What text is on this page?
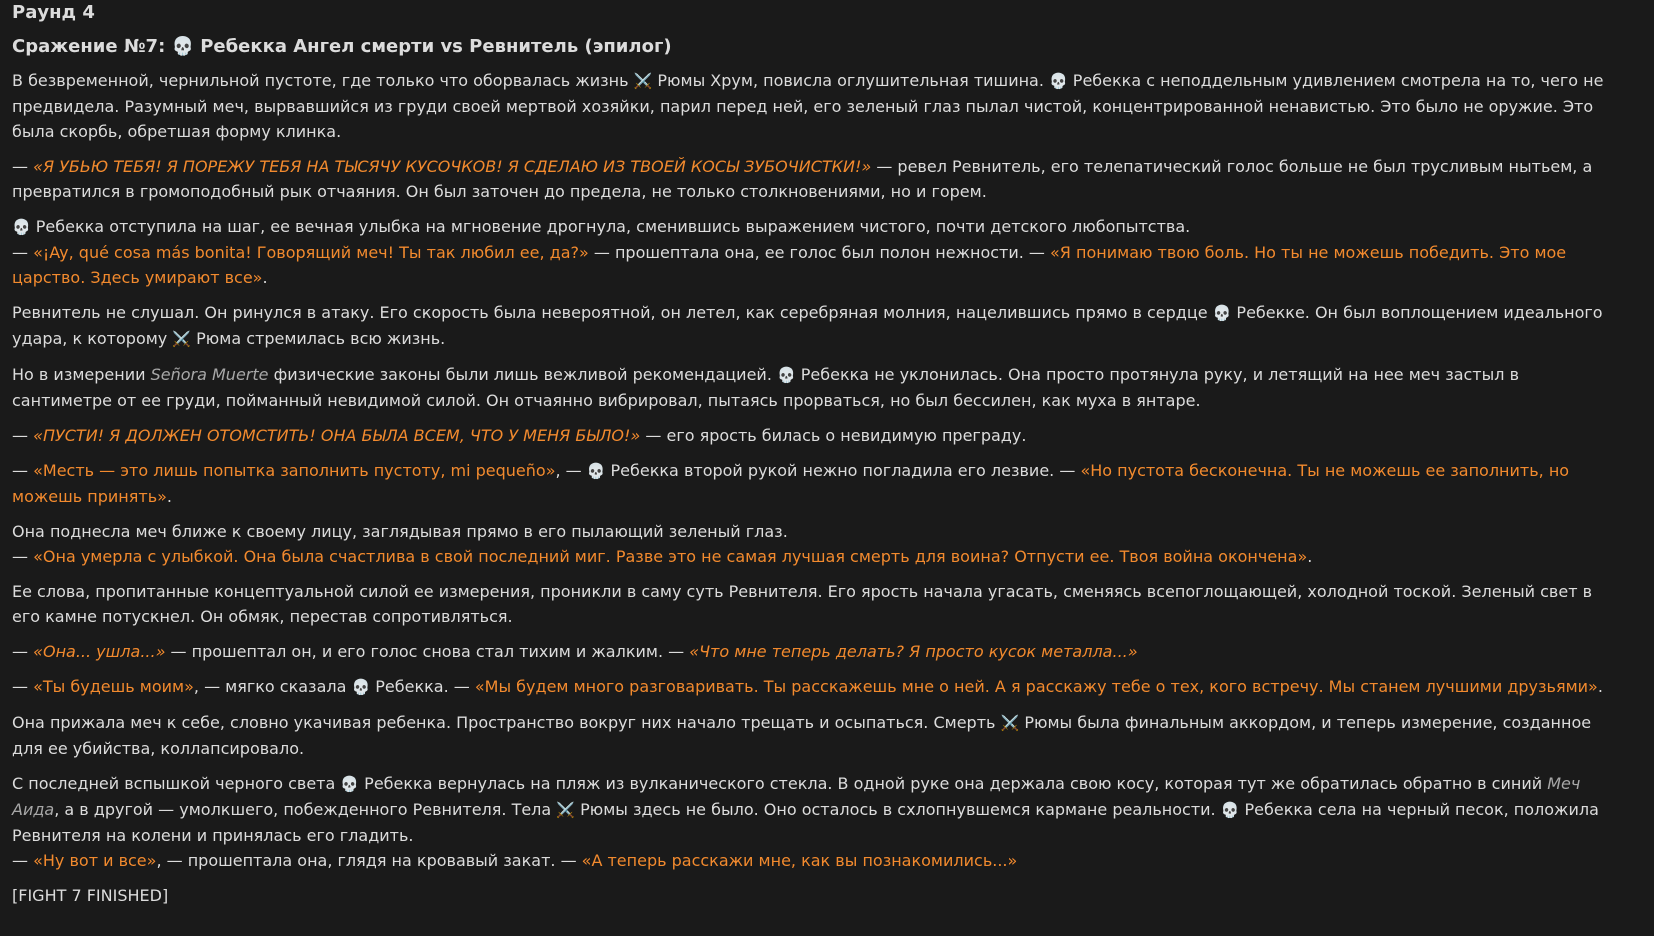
Раунд 4
Сражение №7: 💀 Ребекка Ангел смерти vs Ревнитель (эпилог)

В безвременной, чернильной пустоте, где только что оборвалась жизнь ⚔️ Рюмы Хрум, повисла оглушительная тишина. 💀 Ребекка с неподдельным удивлением смотрела на то, чего не предвидела. Разумный меч, вырвавшийся из груди своей мертвой хозяйки, парил перед ней, его зеленый глаз пылал чистой, концентрированной ненавистью. Это было не оружие. Это была скорбь, обретшая форму клинка.

— «Я УБЬЮ ТЕБЯ! Я ПОРЕЖУ ТЕБЯ НА ТЫСЯЧУ КУСОЧКОВ! Я СДЕЛАЮ ИЗ ТВОЕЙ КОСЫ ЗУБОЧИСТКИ!» — ревел Ревнитель, его телепатический голос больше не был трусливым нытьем, а превратился в громоподобный рык отчаяния. Он был заточен до предела, не только столкновениями, но и горем.

💀 Ребекка отступила на шаг, ее вечная улыбка на мгновение дрогнула, сменившись выражением чистого, почти детского любопытства.
— «¡Ay, qué cosa más bonita! Говорящий меч! Ты так любил ее, да?» — прошептала она, ее голос был полон нежности. — «Я понимаю твою боль. Но ты не можешь победить. Это мое царство. Здесь умирают все».

Ревнитель не слушал. Он ринулся в атаку. Его скорость была невероятной, он летел, как серебряная молния, нацелившись прямо в сердце 💀 Ребекке. Он был воплощением идеального удара, к которому ⚔️ Рюма стремилась всю жизнь.

Но в измерении Señora Muerte физические законы были лишь вежливой рекомендацией. 💀 Ребекка не уклонилась. Она просто протянула руку, и летящий на нее меч застыл в сантиметре от ее груди, пойманный невидимой силой. Он отчаянно вибрировал, пытаясь прорваться, но был бессилен, как муха в янтаре.

— «ПУСТИ! Я ДОЛЖЕН ОТОМСТИТЬ! ОНА БЫЛА ВСЕМ, ЧТО У МЕНЯ БЫЛО!» — его ярость билась о невидимую преграду.

— «Месть — это лишь попытка заполнить пустоту, mi pequeño», — 💀 Ребекка второй рукой нежно погладила его лезвие. — «Но пустота бесконечна. Ты не можешь ее заполнить, но можешь принять».

Она поднесла меч ближе к своему лицу, заглядывая прямо в его пылающий зеленый глаз.
— «Она умерла с улыбкой. Она была счастлива в свой последний миг. Разве это не самая лучшая смерть для воина? Отпусти ее. Твоя война окончена».

Ее слова, пропитанные концептуальной силой ее измерения, проникли в саму суть Ревнителя. Его ярость начала угасать, сменяясь всепоглощающей, холодной тоской. Зеленый свет в его камне потускнел. Он обмяк, перестав сопротивляться.

— «Она... ушла...» — прошептал он, и его голос снова стал тихим и жалким. — «Что мне теперь делать? Я просто кусок металла...»

— «Ты будешь моим», — мягко сказала 💀 Ребекка. — «Мы будем много разговаривать. Ты расскажешь мне о ней. А я расскажу тебе о тех, кого встречу. Мы станем лучшими друзьями».

Она прижала меч к себе, словно укачивая ребенка. Пространство вокруг них начало трещать и осыпаться. Смерть ⚔️ Рюмы была финальным аккордом, и теперь измерение, созданное для ее убийства, коллапсировало.

С последней вспышкой черного света 💀 Ребекка вернулась на пляж из вулканического стекла. В одной руке она держала свою косу, которая тут же обратилась обратно в синий Меч Аида, а в другой — умолкшего, побежденного Ревнителя. Тела ⚔️ Рюмы здесь не было. Оно осталось в схлопнувшемся кармане реальности. 💀 Ребекка села на черный песок, положила Ревнителя на колени и принялась его гладить.
— «Ну вот и все», — прошептала она, глядя на кровавый закат. — «А теперь расскажи мне, как вы познакомились...»

[FIGHT 7 FINISHED]
